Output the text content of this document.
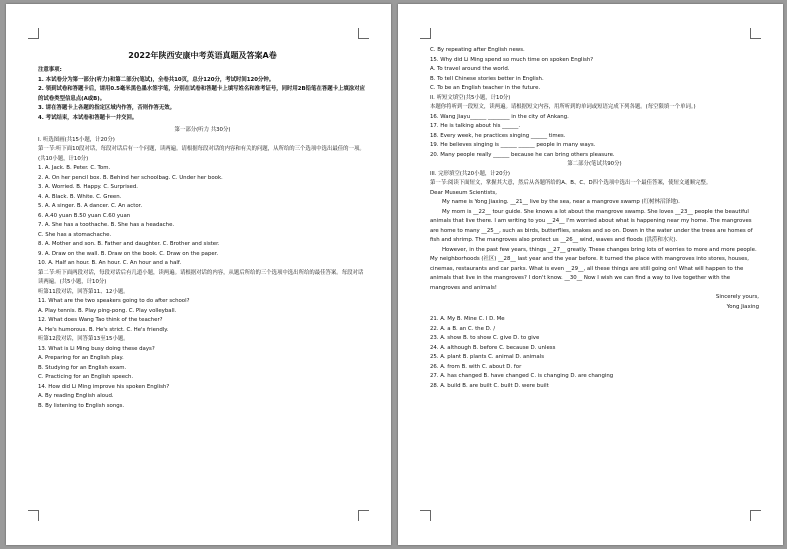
2022年陕西安康中考英语真题及答案A卷
注意事项:
1. 本试卷分为第一部分(听力)和第二部分(笔试)，全卷共10页，总分120分，考试时间120分钟。
2. 领到试卷和答题卡后，请用0.5毫米黑色墨水签字笔，分别在试卷和答题卡上填写姓名和准考证号，同时用2B铅笔在答题卡上填涂对应的试卷类型信息点(A或B)。
3. 请在答题卡上各题的指定区域内作答，否则作答无效。
4. 考试结束，本试卷和答题卡一并交回。
第一部分(听力 共30分)
I. 听选图画(共15小题，计20分)
第一节:听下面10段对话，每段对话后有一个问题，读两遍。请根据每段对话的内容和有关的问题，从所给的三个选项中选出最佳的一项。(共10小题，计10分)
1. A. Jack. B. Peter. C. Tom.
2. A. On her pencil box. B. Behind her schoolbag. C. Under her book.
3. A. Worried. B. Happy. C. Surprised.
4. A. Black. B. White. C. Green.
5. A. A singer. B. A dancer. C. An actor.
6. A.40 yuan B.50 yuan C.60 yuan
7. A. She has a toothache. B. She has a headache.
C. She has a stomachache.
8. A. Mother and son. B. Father and daughter. C. Brother and sister.
9. A. Draw on the wall. B. Draw on the book. C. Draw on the paper.
10. A. Half an hour. B. An hour. C. An hour and a half.
第二节:听下面两段对话，每段对话后有几道小题，读两遍。请根据对话的内容，从题后所给的三个选项中选出所给的最佳答案。每段对话读两遍。(共5小题，计10分)
听第11段对话，回答第11、12小题。
11. What are the two speakers going to do after school?
A. Play tennis. B. Play ping-pong. C. Play volleyball.
12. What does Wang Tao think of the teacher?
A. He's humorous. B. He's strict. C. He's friendly.
听第12段对话，回答第13至15小题。
13. What is Li Ming busy doing these days?
A. Preparing for an English play.
B. Studying for an English exam.
C. Practicing for an English speech.
14. How did Li Ming improve his spoken English?
A. By reading English aloud.
B. By listening to English songs.
C. By repeating after English news.
15. Why did Li Ming spend so much time on spoken English?
A. To travel around the world.
B. To tell Chinese stories better in English.
C. To be an English teacher in the future.
II. 听短文填空(共5小题，计10分)
本题你将听到一段短文，读两遍。请根据短文内容，用所听到的单词或短语完成下列各题。(每空限填一个单词。)
16. Wang Jiayu______ ________ in the city of Ankang.
17. He is talking about his ______.
18. Every week, he practices singing ______ times.
19. He believes singing is ______ ______ people in many ways.
20. Many people really ______ because he can bring others pleasure.
第二部分(笔试共90分)
III. 完形填空(共20小题，计20分)
第一节:阅读下面短文，掌握其大意，然后从各题所给的A、B、C、D四个选项中选出一个最佳答案，使短文通顺完整。
Dear Museum Scientists,
My name is Yong Jiaxing. __21__ live by the sea, near a mangrove swamp (红树林沼泽地).
My mom is __22__ tour guide. She knows a lot about the mangrove swamp. She loves __23__ people the beautiful animals that live there. I am writing to you __24__ I'm worried about what is happening near my home. The mangroves are home to many __25__, such as birds, butterflies, snakes and so on. Down in the water under the trees are homes of fish and shrimp. The mangroves also protect us __26__ wind, waves and floods (洪涝和水灾).
However, in the past few years, things __27__ greatly. These changes bring lots of worries to more and more people. My neighborhoods (社区) __28__ last year and the year before. It turned the place with mangroves into stores, houses, cinemas, restaurants and car parks. What is even __29__, all these things are still going on! What will happen to the animals that live in the mangroves? I don't know. __30__ Now I wish we can find a way to live together with the mangroves and animals!
Sincerely yours,
Yong Jiaxing
21. A. My B. Mine C. I D. Me
22. A. a B. an C. the D. /
23. A. show B. to show C. give D. to give
24. A. although B. before C. because D. unless
25. A. plant B. plants C. animal D. animals
26. A. from B. with C. about D. for
27. A. has changed B. have changed C. is changing D. are changing
28. A. build B. are built C. built D. were built
